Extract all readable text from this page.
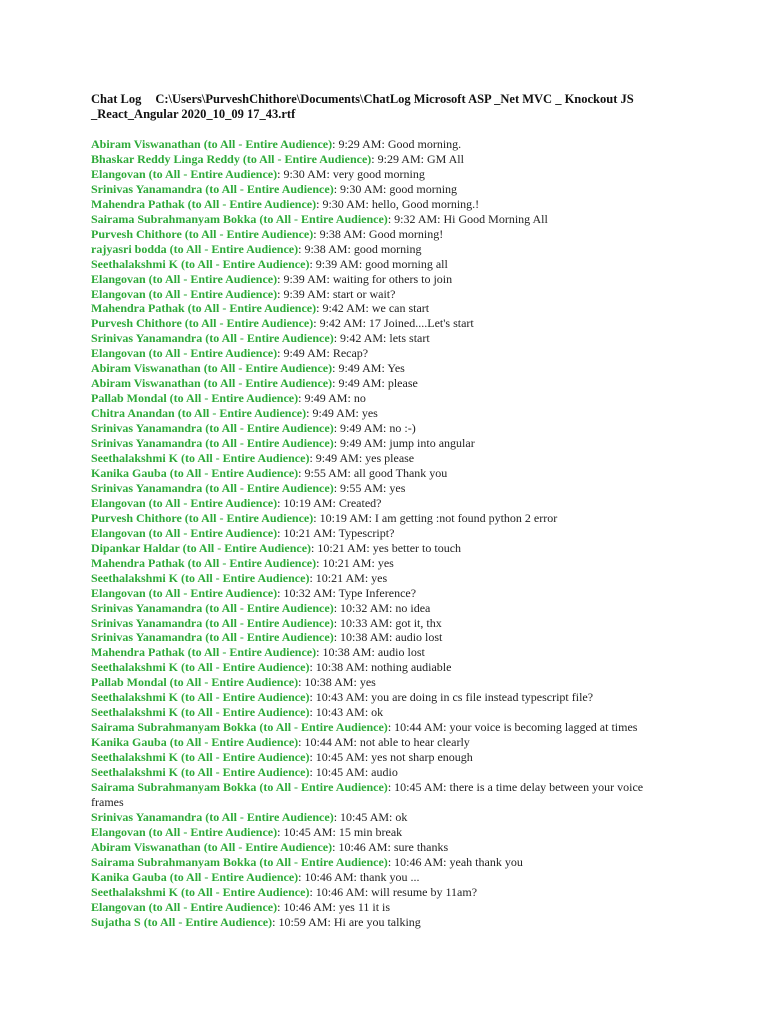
Chat Log C:\Users\PurveshChithore\Documents\ChatLog Microsoft ASP _Net MVC _ Knockout JS
_React_Angular 2020_10_09 17_43.rtf
Abiram Viswanathan (to All - Entire Audience): 9:29 AM: Good morning.
Bhaskar Reddy Linga Reddy (to All - Entire Audience): 9:29 AM: GM All
Elangovan (to All - Entire Audience): 9:30 AM: very good morning
Srinivas Yanamandra (to All - Entire Audience): 9:30 AM: good morning
Mahendra Pathak (to All - Entire Audience): 9:30 AM: hello, Good morning.!
Sairama Subrahmanyam Bokka (to All - Entire Audience): 9:32 AM: Hi Good Morning All
Purvesh Chithore (to All - Entire Audience): 9:38 AM: Good morning!
rajyasri bodda (to All - Entire Audience): 9:38 AM: good morning
Seethalakshmi K (to All - Entire Audience): 9:39 AM: good morning all
Elangovan (to All - Entire Audience): 9:39 AM: waiting for others to join
Elangovan (to All - Entire Audience): 9:39 AM: start or wait?
Mahendra Pathak (to All - Entire Audience): 9:42 AM: we can start
Purvesh Chithore (to All - Entire Audience): 9:42 AM: 17 Joined....Let's start
Srinivas Yanamandra (to All - Entire Audience): 9:42 AM: lets start
Elangovan (to All - Entire Audience): 9:49 AM: Recap?
Abiram Viswanathan (to All - Entire Audience): 9:49 AM: Yes
Abiram Viswanathan (to All - Entire Audience): 9:49 AM: please
Pallab Mondal (to All - Entire Audience): 9:49 AM: no
Chitra Anandan (to All - Entire Audience): 9:49 AM: yes
Srinivas Yanamandra (to All - Entire Audience): 9:49 AM: no :-)
Srinivas Yanamandra (to All - Entire Audience): 9:49 AM: jump into angular
Seethalakshmi K (to All - Entire Audience): 9:49 AM: yes please
Kanika Gauba (to All - Entire Audience): 9:55 AM: all good Thank you
Srinivas Yanamandra (to All - Entire Audience): 9:55 AM: yes
Elangovan (to All - Entire Audience): 10:19 AM: Created?
Purvesh Chithore (to All - Entire Audience): 10:19 AM: I am getting :not found python 2 error
Elangovan (to All - Entire Audience): 10:21 AM: Typescript?
Dipankar Haldar (to All - Entire Audience): 10:21 AM: yes better to touch
Mahendra Pathak (to All - Entire Audience): 10:21 AM: yes
Seethalakshmi K (to All - Entire Audience): 10:21 AM: yes
Elangovan (to All - Entire Audience): 10:32 AM: Type Inference?
Srinivas Yanamandra (to All - Entire Audience): 10:32 AM: no idea
Srinivas Yanamandra (to All - Entire Audience): 10:33 AM: got it, thx
Srinivas Yanamandra (to All - Entire Audience): 10:38 AM: audio lost
Mahendra Pathak (to All - Entire Audience): 10:38 AM: audio lost
Seethalakshmi K (to All - Entire Audience): 10:38 AM: nothing audiable
Pallab Mondal (to All - Entire Audience): 10:38 AM: yes
Seethalakshmi K (to All - Entire Audience): 10:43 AM: you are doing in cs file instead typescript file?
Seethalakshmi K (to All - Entire Audience): 10:43 AM: ok
Sairama Subrahmanyam Bokka (to All - Entire Audience): 10:44 AM: your voice is becoming lagged at times
Kanika Gauba (to All - Entire Audience): 10:44 AM: not able to hear clearly
Seethalakshmi K (to All - Entire Audience): 10:45 AM: yes not sharp enough
Seethalakshmi K (to All - Entire Audience): 10:45 AM: audio
Sairama Subrahmanyam Bokka (to All - Entire Audience): 10:45 AM: there is a time delay between your voice frames
Srinivas Yanamandra (to All - Entire Audience): 10:45 AM: ok
Elangovan (to All - Entire Audience): 10:45 AM: 15 min break
Abiram Viswanathan (to All - Entire Audience): 10:46 AM: sure thanks
Sairama Subrahmanyam Bokka (to All - Entire Audience): 10:46 AM: yeah thank you
Kanika Gauba (to All - Entire Audience): 10:46 AM: thank you ...
Seethalakshmi K (to All - Entire Audience): 10:46 AM: will resume by 11am?
Elangovan (to All - Entire Audience): 10:46 AM: yes 11 it is
Sujatha S (to All - Entire Audience): 10:59 AM: Hi are you talking
